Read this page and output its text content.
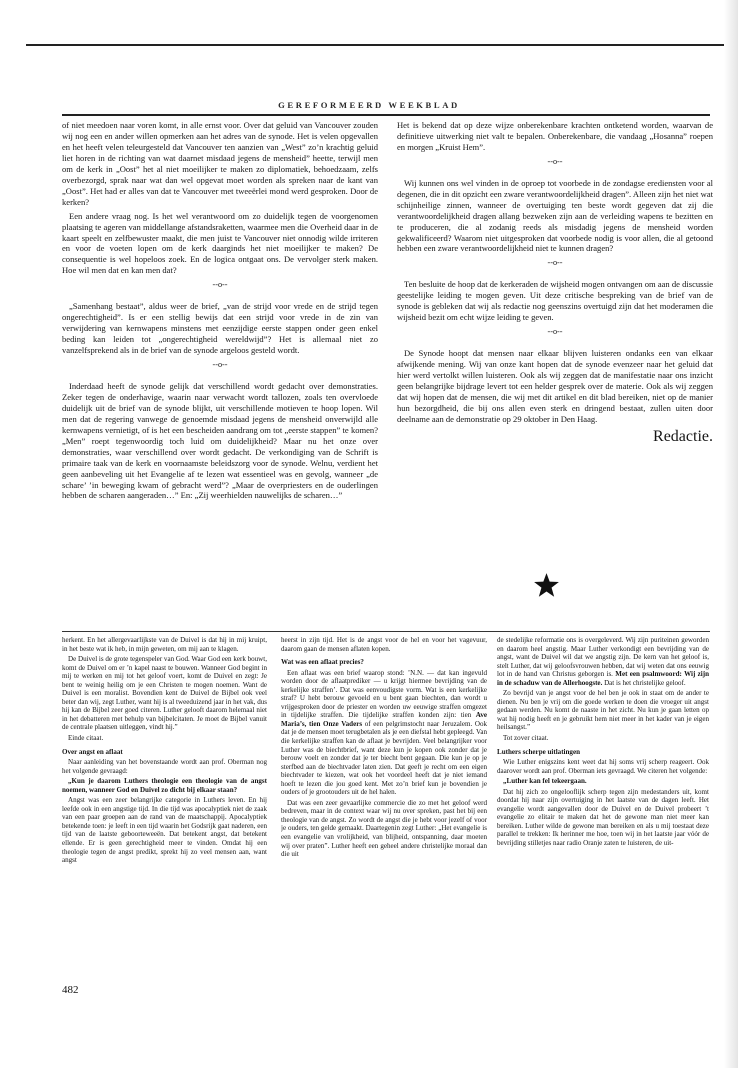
GEREFORMEERD WEEKBLAD

of niet meedoen naar voren komt, in alle ernst voor. Over dat geluid van Vancouver zouden wij nog een en ander willen opmerken aan het adres van de synode. Het is velen opgevallen en het heeft velen teleurgesteld dat Vancouver ten aanzien van „West” zo’n krachtig geluid liet horen in de richting van wat daarnet misdaad jegens de mensheid” heette, terwijl men om de kerk in „Oost” het al niet moeilijker te maken zo diplomatiek, behoedzaam, zelfs overbezorgd, sprak naar wat dan wel opgevat moet worden als spreken naar de kant van „Oost”. Het had er alles van dat te Vancouver met tweeërlei mond werd gesproken. Door de kerken?

Een andere vraag nog. Is het wel verantwoord om zo duidelijk tegen de voorgenomen plaatsing te ageren van middellange afstandsraketten, waarmee men die Overheid daar in de kaart speelt en zelfbewuster maakt, die men juist te Vancouver niet onnodig wilde irriteren en voor de voeten lopen om de kerk daarginds het niet moeilijker te maken? De consequentie is wel hopeloos zoek. En de logica ontgaat ons. De vervolger sterk maken. Hoe wil men dat en kan men dat?

--o--

„Samenhang bestaat”, aldus weer de brief, „van de strijd voor vrede en de strijd tegen ongerechtigheid”. Is er een stellig bewijs dat een strijd voor vrede in de zin van verwijdering van kernwapens minstens met eenzijdige eerste stappen onder geen enkel beding kan leiden tot „ongerechtigheid wereldwijd”? Het is allemaal niet zo vanzelfsprekend als in de brief van de synode argeloos gesteld wordt.

--o--

Inderdaad heeft de synode gelijk dat verschillend wordt gedacht over demonstraties. Zeker tegen de onderhavige, waarin naar verwacht wordt tallozen, zoals ten overvloede duidelijk uit de brief van de synode blijkt, uit verschillende motieven te hoop lopen. Wil men dat de regering vanwege de genoemde misdaad jegens de mensheid onverwijld alle kernwapens vernietigt, of is het een bescheiden aandrang om tot „eerste stappen” te komen? „Men” roept tegenwoordig toch luid om duidelijkheid? Maar nu het onze over demonstraties, waar verschillend over wordt gedacht. De verkondiging van de Schrift is primaire taak van de kerk en voornaamste beleidszorg voor de synode. Welnu, verdient het geen aanbeveling uit het Evangelie af te lezen wat essentieel was en gevolg, wanneer „de schare’ ’in beweging kwam of gebracht werd”? „Maar de overpriesters en de ouderlingen hebben de scharen aangeraden…” En: „Zij weerhielden nauwelijks de scharen…”

Het is bekend dat op deze wijze onberekenbare krachten ontketend worden, waarvan de definitieve uitwerking niet valt te bepalen. Onberekenbare, die vandaag „Hosanna” roepen en morgen „Kruist Hem”.

--o--

Wij kunnen ons wel vinden in de oproep tot voorbede in de zondagse erediensten voor al degenen, die in dit opzicht een zware verantwoordelijkheid dragen”. Alleen zijn het niet wat schijnheilige zinnen, wanneer de overtuiging ten beste wordt gegeven dat zij die verantwoordelijkheid dragen allang bezweken zijn aan de verleiding wapens te bezitten en te produceren, die al zodanig reeds als misdadig jegens de mensheid worden gekwalificeerd? Waarom niet uitgesproken dat voorbede nodig is voor allen, die al getoond hebben een zware verantwoordelijkheid niet te kunnen dragen?

--o--

Ten besluite de hoop dat de kerkeraden de wijsheid mogen ontvangen om aan de discussie geestelijke leiding te mogen geven. Uit deze critische bespreking van de brief van de synode is gebleken dat wij als redactie nog geenszins overtuigd zijn dat het moderamen die wijsheid bezit om echt wijze leiding te geven.

--o--

De Synode hoopt dat mensen naar elkaar blijven luisteren ondanks een van elkaar afwijkende mening. Wij van onze kant hopen dat de synode evenzeer naar het geluid dat hier werd vertolkt willen luisteren. Ook als wij zeggen dat de manifestatie naar ons inzicht geen belangrijke bijdrage levert tot een helder gesprek over de materie. Ook als wij zeggen dat wij hopen dat de mensen, die wij met dit artikel en dit blad bereiken, niet op de manier hun bezorgdheid, die bij ons allen even sterk en dringend bestaat, zullen uiten door deelname aan de demonstratie op 29 oktober in Den Haag.

Redactie.

herkent. En het allergevaarlijkste van de Duivel is dat hij in mij kruipt, in het beste wat ik heb, in mijn geweten, om mij aan te klagen.

De Duivel is de grote tegenspeler van God. Waar God een kerk bouwt, komt de Duivel om er ’n kapel naast te bouwen. Wanneer God begint in mij te werken en mij tot het geloof voert, komt de Duivel en zegt: Je bent te weinig heilig om je een Christen te mogen noemen. Want de Duivel is een moralist. Bovendien kent de Duivel de Bijbel ook veel beter dan wij, zegt Luther, want hij is al tweeduizend jaar in het vak, dus hij kan de Bijbel zeer goed citeren. Luther gelooft daarom helemaal niet in het debatteren met behulp van bijbelcitaten. Je moet de Bijbel vanuit de centrale plaatsen uitleggen, vindt hij.”

Einde citaat.

Over angst en aflaat

Naar aanleiding van het bovenstaande wordt aan prof. Oberman nog het volgende gevraagd:

„Kun je daarom Luthers theologie een theologie van de angst noemen, wanneer God en Duivel zo dicht bij elkaar staan?

Angst was een zeer belangrijke categorie in Luthers leven. En hij leefde ook in een angstige tijd. In die tijd was apocalyptiek niet de zaak van een paar groepen aan de rand van de maatschappij. Apocalyptiek betekende toen: je leeft in een tijd waarin het Godsrijk gaat naderen, een tijd van de laatste geboorteweeën. Dat betekent angst, dat betekent ellende. Er is geen gerechtigheid meer te vinden. Omdat hij een theologie tegen de angst predikt, sprekt hij zo veel mensen aan, want angst

heerst in zijn tijd. Het is de angst voor de hel en voor het vagevuur, daarom gaan de mensen aflaten kopen.

Wat was een aflaat precies?

Een aflaat was een brief waarop stond: ’N.N. — dat kan ingevuld worden door de aflaatprediker — u krijgt hiermee bevrijding van de kerkelijke straffen’. Dat was eenvoudigste vorm. Wat is een kerkelijke straf? U hebt berouw gevoeld en u bent gaan biechten, dan wordt u vrijgesproken door de priester en worden uw eeuwige straffen omgezet in tijdelijke straffen. Die tijdelijke straffen konden zijn: tien Ave Maria’s, tien Onze Vaders of een pelgrimstocht naar Jeruzalem. Ook dat je de mensen moet terugbetalen als je een diefstal hebt gepleegd. Van die kerkelijke straffen kan de aflaat je bevrijden. Veel belangrijker voor Luther was de biechtbrief, want deze kun je kopen ook zonder dat je berouw voelt en zonder dat je ter biecht bent gegaan. Die kun je op je sterfbed aan de biechtvader laten zien. Dat geeft je recht om een eigen biechtvader te kiezen, wat ook het voordeel heeft dat je niet iemand hoeft te lezen die jou goed kent. Met zo’n brief kun je bovendien je ouders of je grootouders uit de hel halen.

Dat was een zeer gevaarlijke commercie die zo met het geloof werd bedreven, maar in de context waar wij nu over spreken, past het bij een theologie van de angst. Zo wordt de angst die je hebt voor jezelf of voor je ouders, ten gelde gemaakt. Daartegenin zegt Luther: „Het evangelie is een evangelie van vrolijkheid, van blijheid, ontspanning, daar moeten wij over praten”. Luther heeft een geheel andere christelijke moraal dan die uit

de stedelijke reformatie ons is overgeleverd. Wij zijn puriteinen geworden en daarom heel angstig. Maar Luther verkondigt een bevrijding van de angst, want de Duivel wil dat we angstig zijn. De kern van het geloof is, stelt Luther, dat wij geloofsvrouwen hebben, dat wij weten dat ons eeuwig lot in de hand van Christus geborgen is. Met een psalmwoord: Wij zijn in de schaduw van de Allerhoogste. Dat is het christelijke geloof.

Zo bevrijd van je angst voor de hel ben je ook in staat om de ander te dienen. Nu ben je vrij om die goede werken te doen die vroeger uit angst gedaan werden. Nu komt de naaste in het zicht. Nu kun je gaan letten op wat hij nodig heeft en je gebruikt hem niet meer in het kader van je eigen heilsangst.”

Tot zover citaat.

Luthers scherpe uitlatingen

Wie Luther enigszins kent weet dat hij soms vrij scherp reageert. Ook daarover wordt aan prof. Oberman iets gevraagd. We citeren het volgende:

„Luther kan fel tekeergaan.

Dat hij zich zo ongelooflijk scherp tegen zijn medestanders uit, komt doordat hij naar zijn overtuiging in het laatste van de dagen leeft. Het evangelie wordt aangevallen door de Duivel en de Duivel probeert ’t evangelie zo elitair te maken dat het de gewone man niet meer kan bereiken. Luther wilde de gewone man bereiken en als u mij toestaat deze parallel te trekken: Ik herinner me hoe, toen wij in het laatste jaar vóór de bevrijding stilletjes naar radio Oranje zaten te luisteren, de uit-

482
